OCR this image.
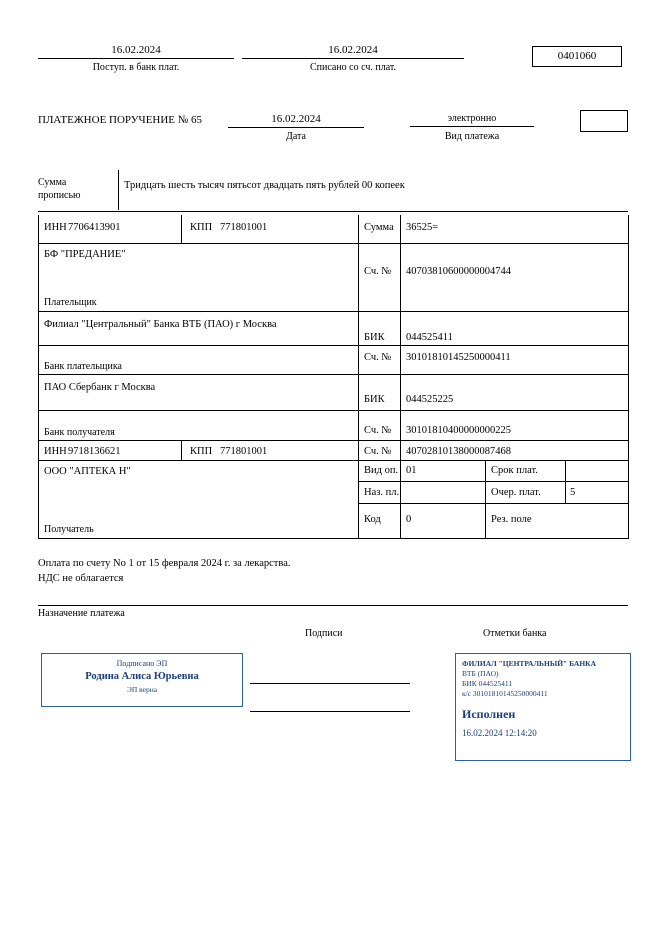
16.02.2024
Поступ. в банк плат.
16.02.2024
Списано со сч. плат.
0401060
ПЛАТЕЖНОЕ ПОРУЧЕНИЕ № 65	16.02.2024
Дата
электронно
Вид платежа
Сумма
прописью
Тридцать шесть тысяч пятьсот двадцать пять рублей 00 копеек
ИНН 7706413901	КПП 771801001	Сумма 36525=
БФ "ПРЕДАНИЕ"
Сч. № 40703810600000004744
Плательщик
Филиал "Центральный" Банка ВТБ (ПАО) г Москва
БИК 044525411
Сч. № 30101810145250000411
Банк плательщика
ПАО Сбербанк г Москва
БИК 044525225
Сч. № 30101810400000000225
Банк получателя
ИНН 9718136621	КПП 771801001	Сч. № 40702810138000087468
ООО "АПТЕКА Н"
Получатель
Вид оп. 01	Срок плат.
Наз. пл.	Очер. плат.	5
Код 0	Рез. поле
Оплата по счету No 1 от 15 февраля 2024 г. за лекарства.
НДС не облагается
Назначение платежа
Подписи	Отметки банка
Подписано ЭП
Родина Алиса Юрьевна
ЭП верна
ФИЛИАЛ "ЦЕНТРАЛЬНЫЙ" БАНКА
ВТБ (ПАО)
БИК 044525411
к/с 30101810145250000411
Исполнен
16.02.2024 12:14:20
